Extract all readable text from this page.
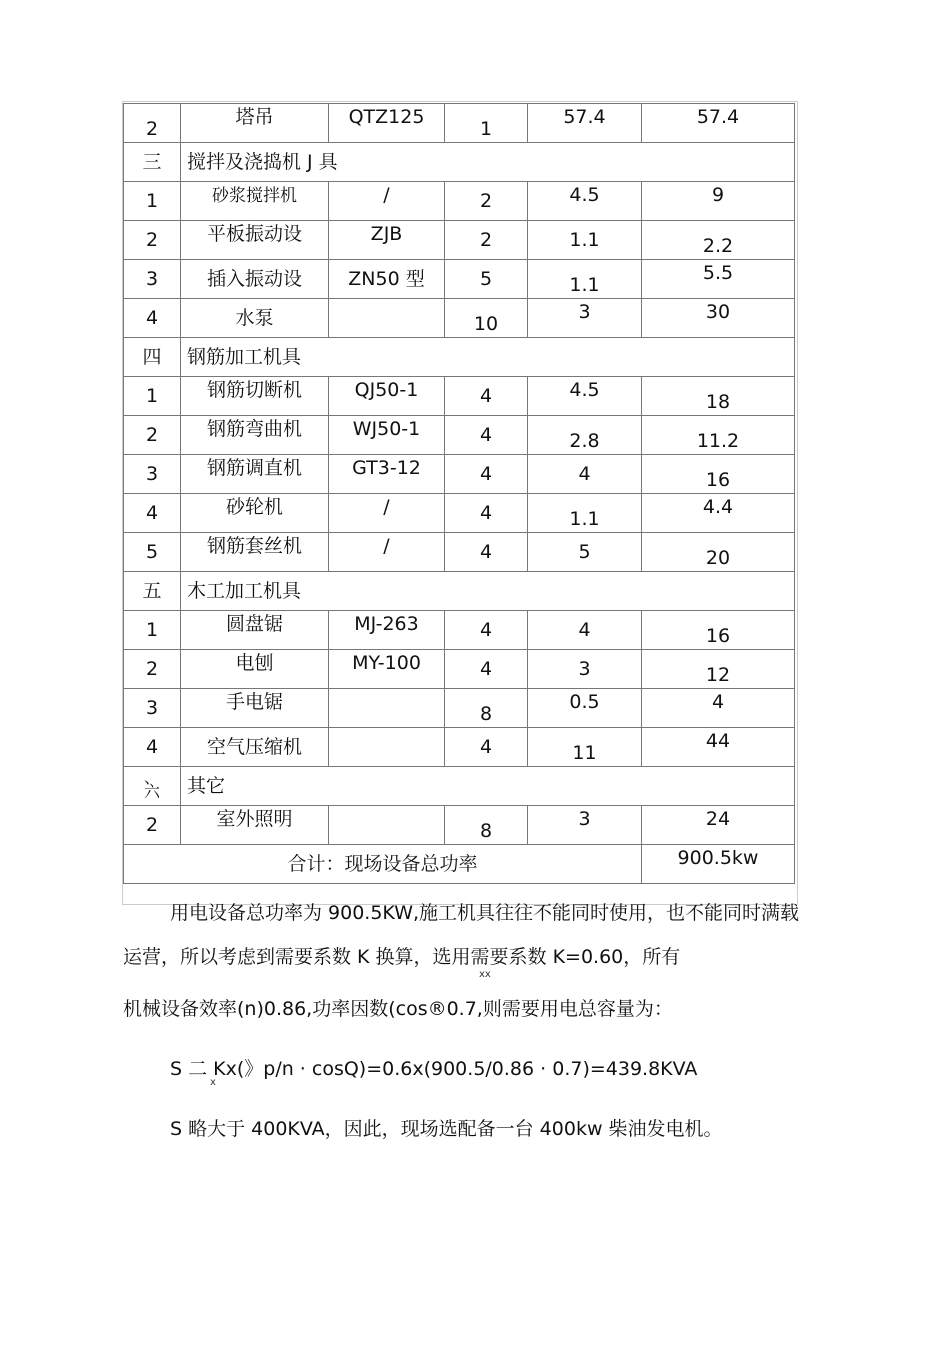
2	塔吊	QTZ125	1	57.4	57.4
三	搅拌及浇捣机 J 具				
1	砂浆搅拌机	/	2	4.5	9
2	平板振动设	ZJB	2	1.1	2.2
3	插入振动设	ZN50 型	5	1.1	5.5
4	水泵		10	3	30
四	钢筋加工机具				
1	钢筋切断机	QJ50-1	4	4.5	18
2	钢筋弯曲机	WJ50-1	4	2.8	11.2
3	钢筋调直机	GT3-12	4	4	16
4	砂轮机	/	4	1.1	4.4
5	钢筋套丝机	/	4	5	20
五	木工加工机具				
1	圆盘锯	MJ-263	4	4	16
2	电刨	MY-100	4	3	12
3	手电锯		8	0.5	4
4	空气压缩机		4	11	44
、
六	其它				
2	室外照明		8	3	24
合计：现场设备总功率					900.5kw
用电设备总功率为 900.5KW,施工机具往往不能同时使用，也不能同时满载
运营，所以考虑到需要系数 K 换算，选用需要系数 K=0.60，所有
xx
机械设备效率(n)0.86,功率因数(cos®0.7,则需要用电总容量为：
S 二 Kx(》p/n · cosQ)=0.6x(900.5/0.86 · 0.7)=439.8KVA
x
S 略大于 400KVA，因此，现场选配备一台 400kw 柴油发电机。
